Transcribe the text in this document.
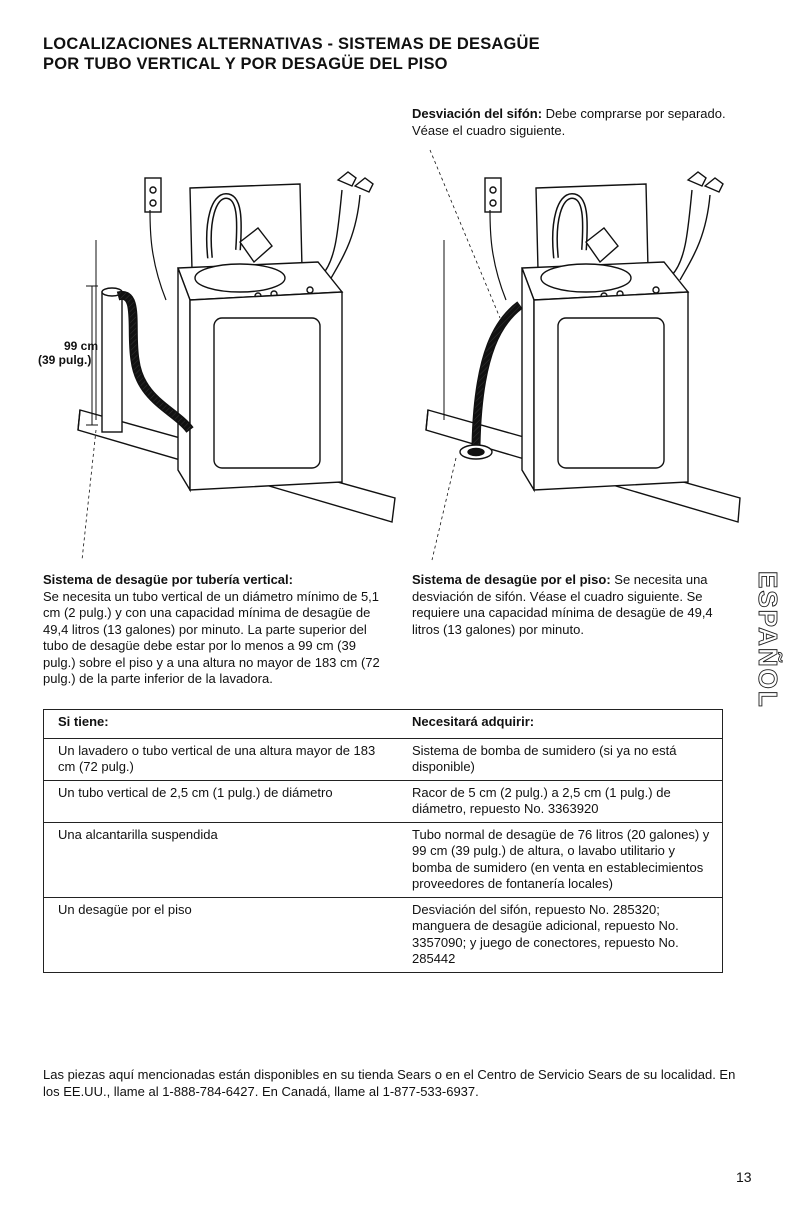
LOCALIZACIONES ALTERNATIVAS - SISTEMAS DE DESAGÜE
POR TUBO VERTICAL Y POR DESAGÜE DEL PISO
Desviación del sifón: Debe comprarse por separado. Véase el cuadro siguiente.
99 cm
(39 pulg.)
Sistema de desagüe por tubería vertical:
Se necesita un tubo vertical de un diámetro mínimo de 5,1 cm (2 pulg.) y con una capacidad mínima de desagüe de 49,4 litros (13 galones) por minuto. La parte superior del tubo de desagüe debe estar por lo menos a 99 cm (39 pulg.) sobre el piso y a una altura no mayor de 183 cm (72 pulg.) de la parte inferior de la lavadora.
Sistema de desagüe por el piso: Se necesita una desviación de sifón. Véase el cuadro siguiente. Se requiere una capacidad mínima de desagüe de 49,4 litros (13 galones) por minuto.	ESPAÑOL
Si tiene:	Necesitará adquirir:
Un lavadero o tubo vertical de una altura mayor de 183 cm (72 pulg.)	Sistema de bomba de sumidero (si ya no está disponible)
Un tubo vertical de 2,5 cm (1 pulg.) de diámetro	Racor de 5 cm (2 pulg.) a 2,5 cm (1 pulg.) de diámetro, repuesto No. 3363920
Una alcantarilla suspendida	Tubo normal de desagüe de 76 litros (20 galones) y 99 cm (39 pulg.) de altura, o lavabo utilitario y bomba de sumidero (en venta en establecimientos proveedores de fontanería locales)
Un desagüe por el piso	Desviación del sifón, repuesto No. 285320; manguera de desagüe adicional, repuesto No. 3357090; y juego de conectores, repuesto No. 285442
Las piezas aquí mencionadas están disponibles en su tienda Sears o en el Centro de Servicio Sears de su localidad. En los EE.UU., llame al 1-888-784-6427. En Canadá, llame al 1-877-533-6937.
13
